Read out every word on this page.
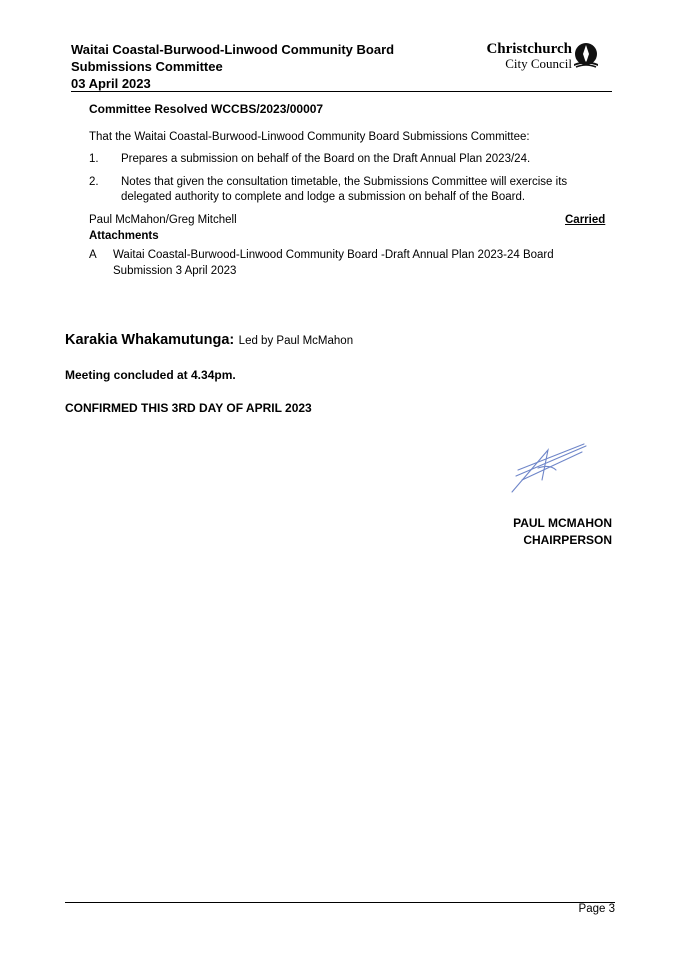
Waitai Coastal-Burwood-Linwood Community Board
Submissions Committee
03 April 2023
Christchurch
City Council
Committee Resolved WCCBS/2023/00007
That the Waitai Coastal-Burwood-Linwood Community Board Submissions Committee:
1. Prepares a submission on behalf of the Board on the Draft Annual Plan 2023/24.
2. Notes that given the consultation timetable, the Submissions Committee will exercise its
delegated authority to complete and lodge a submission on behalf of the Board.
Paul McMahon/Greg Mitchell	Carried
Attachments
A Waitai Coastal-Burwood-Linwood Community Board -Draft Annual Plan 2023-24 Board
Submission 3 April 2023
Karakia Whakamutunga: Led by Paul McMahon
Meeting concluded at 4.34pm.
CONFIRMED THIS 3RD DAY OF APRIL 2023
PAUL MCMAHON
CHAIRPERSON
Page 3
